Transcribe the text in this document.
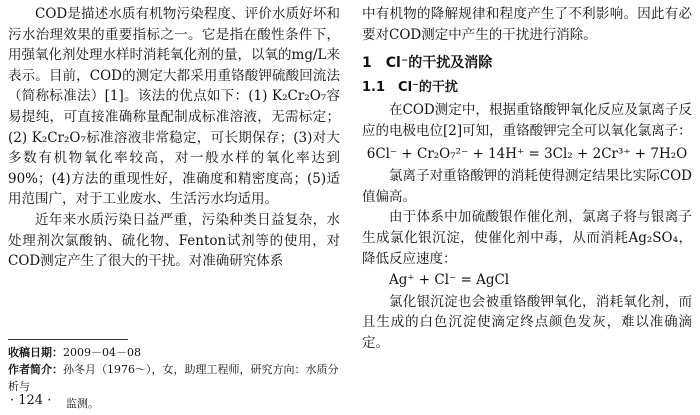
COD是描述水质有机物污染程度、评价水质好坏和污水治理效果的重要指标之一。它是指在酸性条件下，用强氧化剂处理水样时消耗氧化剂的量，以氧的mg/L来表示。目前，COD的测定大都采用重铬酸钾硫酸回流法（简称标准法）[1]。该法的优点如下：(1) K₂Cr₂O₇容易提纯，可直接准确称量配制成标准溶液，无需标定；(2) K₂Cr₂O₇标准溶液非常稳定，可长期保存；(3)对大多数有机物氧化率较高，对一般水样的氧化率达到90%；(4)方法的重现性好，准确度和精密度高；(5)适用范围广，对于工业废水、生活污水均适用。

近年来水质污染日益严重，污染种类日益复杂，水处理剂次氯酸钠、硫化物、Fenton试剂等的使用，对COD测定产生了很大的干扰。对准确研究体系

收稿日期：2009－04－08
作者简介：孙冬月（1976～），女，助理工程师，研究方向：水质分析与
监测。
· 124 ·

中有机物的降解规律和程度产生了不利影响。因此有必要对COD测定中产生的干扰进行消除。

1　Cl⁻的干扰及消除
1.1　Cl⁻的干扰

在COD测定中，根据重铬酸钾氧化反应及氯离子反应的电极电位[2]可知，重铬酸钾完全可以氧化氯离子：

6Cl⁻ + Cr₂O₇²⁻ + 14H⁺ = 3Cl₂ + 2Cr³⁺ + 7H₂O

氯离子对重铬酸钾的消耗使得测定结果比实际COD值偏高。

由于体系中加硫酸银作催化剂，氯离子将与银离子生成氯化银沉淀，使催化剂中毒，从而消耗Ag₂SO₄，降低反应速度：

Ag⁺ + Cl⁻ = AgCl

氯化银沉淀也会被重铬酸钾氧化，消耗氧化剂，而且生成的白色沉淀使滴定终点颜色发灰，难以准确滴定。
